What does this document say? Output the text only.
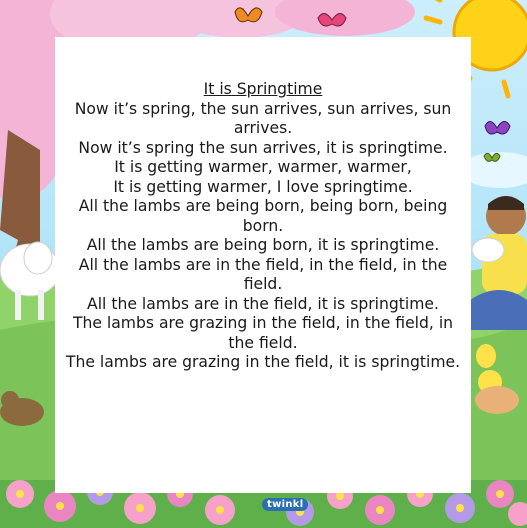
It is Springtime
Now it’s spring, the sun arrives, sun arrives, sun
arrives.
Now it’s spring the sun arrives, it is springtime.
It is getting warmer, warmer, warmer,
It is getting warmer, I love springtime.
All the lambs are being born, being born, being
born.
All the lambs are being born, it is springtime.
All the lambs are in the field, in the field, in the
field.
All the lambs are in the field, it is springtime.
The lambs are grazing in the field, in the field, in
the field.
The lambs are grazing in the field, it is springtime.
twinkl
